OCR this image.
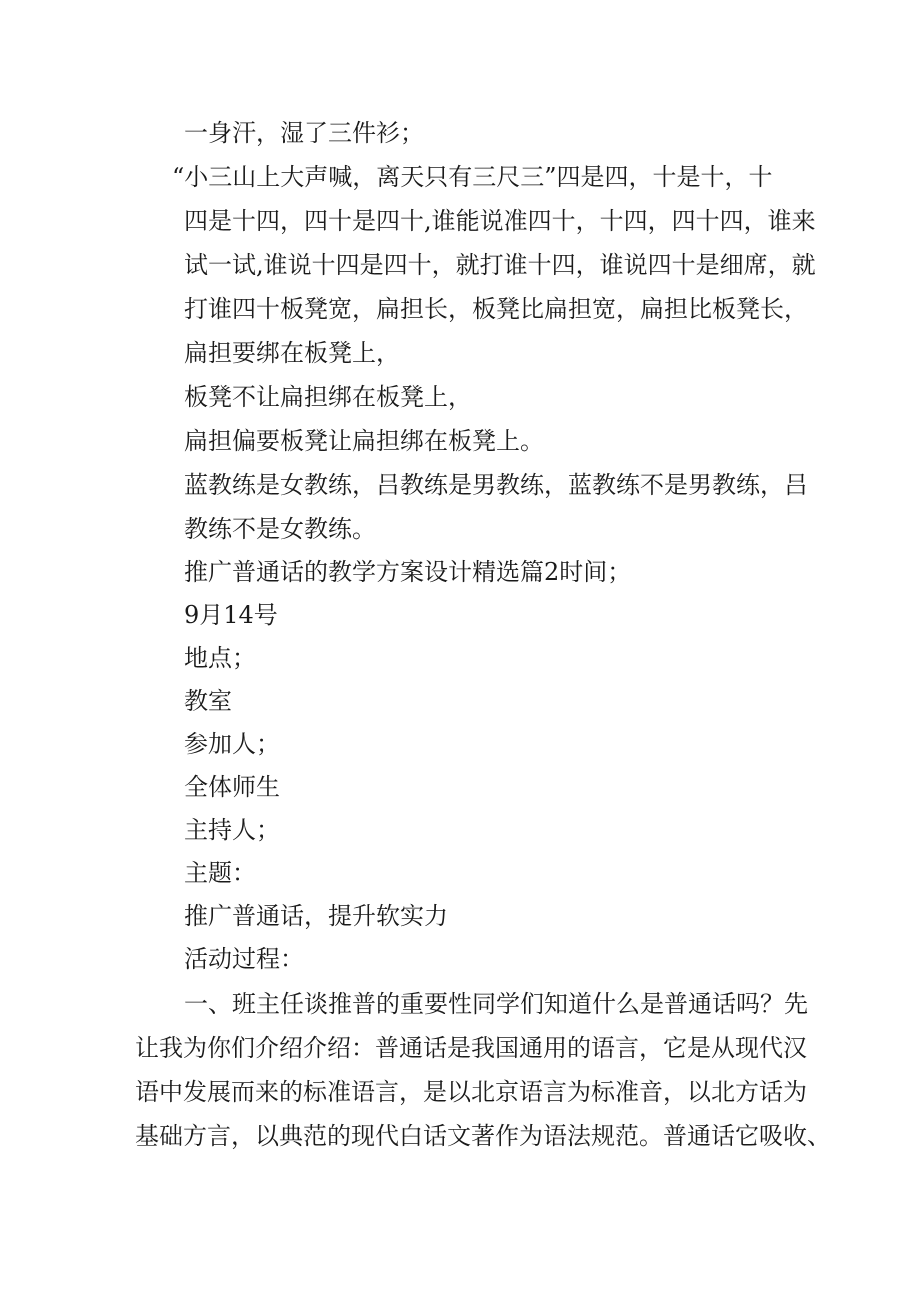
一身汗，湿了三件衫；
“小三山上大声喊，离天只有三尺三”四是四，十是十，十
四是十四，四十是四十,谁能说准四十，十四，四十四，谁来
试一试,谁说十四是四十，就打谁十四，谁说四十是细席，就
打谁四十板凳宽，扁担长，板凳比扁担宽，扁担比板凳长，
扁担要绑在板凳上，
板凳不让扁担绑在板凳上，
扁担偏要板凳让扁担绑在板凳上。
蓝教练是女教练，吕教练是男教练，蓝教练不是男教练，吕
教练不是女教练。
推广普通话的教学方案设计精选篇2时间；
9月14号
地点；
教室
参加人；
全体师生
主持人；
主题：
推广普通话，提升软实力
活动过程：
一、班主任谈推普的重要性同学们知道什么是普通话吗？先
让我为你们介绍介绍：普通话是我国通用的语言，它是从现代汉
语中发展而来的标准语言，是以北京语言为标准音，以北方话为
基础方言，以典范的现代白话文著作为语法规范。普通话它吸收、
